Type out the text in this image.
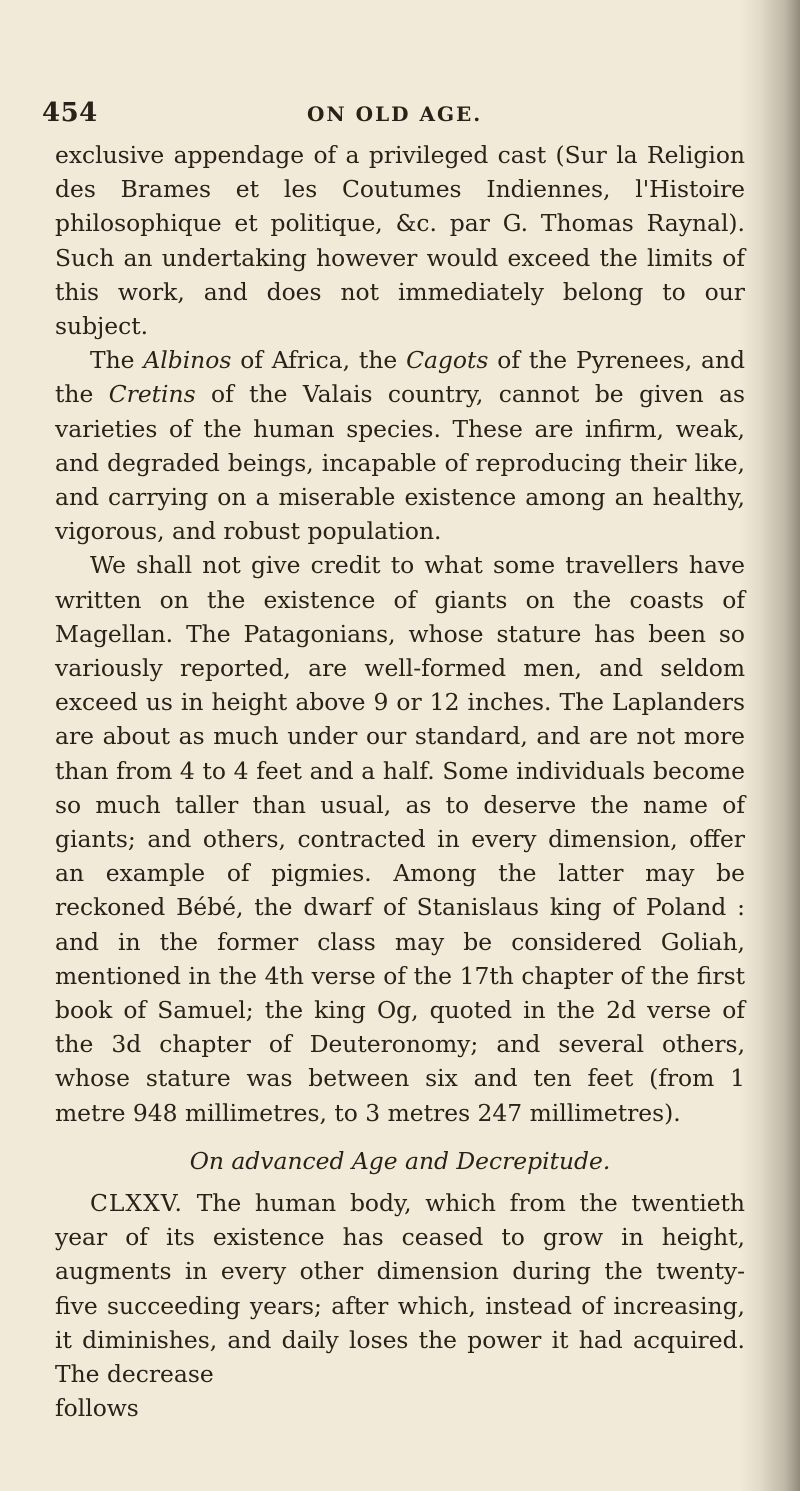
454	ON OLD AGE.

exclusive appendage of a privileged cast (Sur la Religion des Brames et les Coutumes Indiennes, l'Histoire philosophique et politique, &c. par G. Thomas Raynal). Such an undertaking however would exceed the limits of this work, and does not immediately belong to our subject.

The Albinos of Africa, the Cagots of the Pyrenees, and the Cretins of the Valais country, cannot be given as varieties of the human species. These are infirm, weak, and degraded beings, incapable of reproducing their like, and carrying on a miserable existence among an healthy, vigorous, and robust population.

We shall not give credit to what some travellers have written on the existence of giants on the coasts of Magellan. The Patagonians, whose stature has been so variously reported, are well-formed men, and seldom exceed us in height above 9 or 12 inches. The Laplanders are about as much under our standard, and are not more than from 4 to 4 feet and a half. Some individuals become so much taller than usual, as to deserve the name of giants; and others, contracted in every dimension, offer an example of pigmies. Among the latter may be reckoned Bébé, the dwarf of Stanislaus king of Poland : and in the former class may be considered Goliah, mentioned in the 4th verse of the 17th chapter of the first book of Samuel; the king Og, quoted in the 2d verse of the 3d chapter of Deuteronomy; and several others, whose stature was between six and ten feet (from 1 metre 948 millimetres, to 3 metres 247 millimetres).

On advanced Age and Decrepitude.

CLXXV. The human body, which from the twentieth year of its existence has ceased to grow in height, augments in every other dimension during the twenty-five succeeding years; after which, instead of increasing, it diminishes, and daily loses the power it had acquired. The decrease

follows
